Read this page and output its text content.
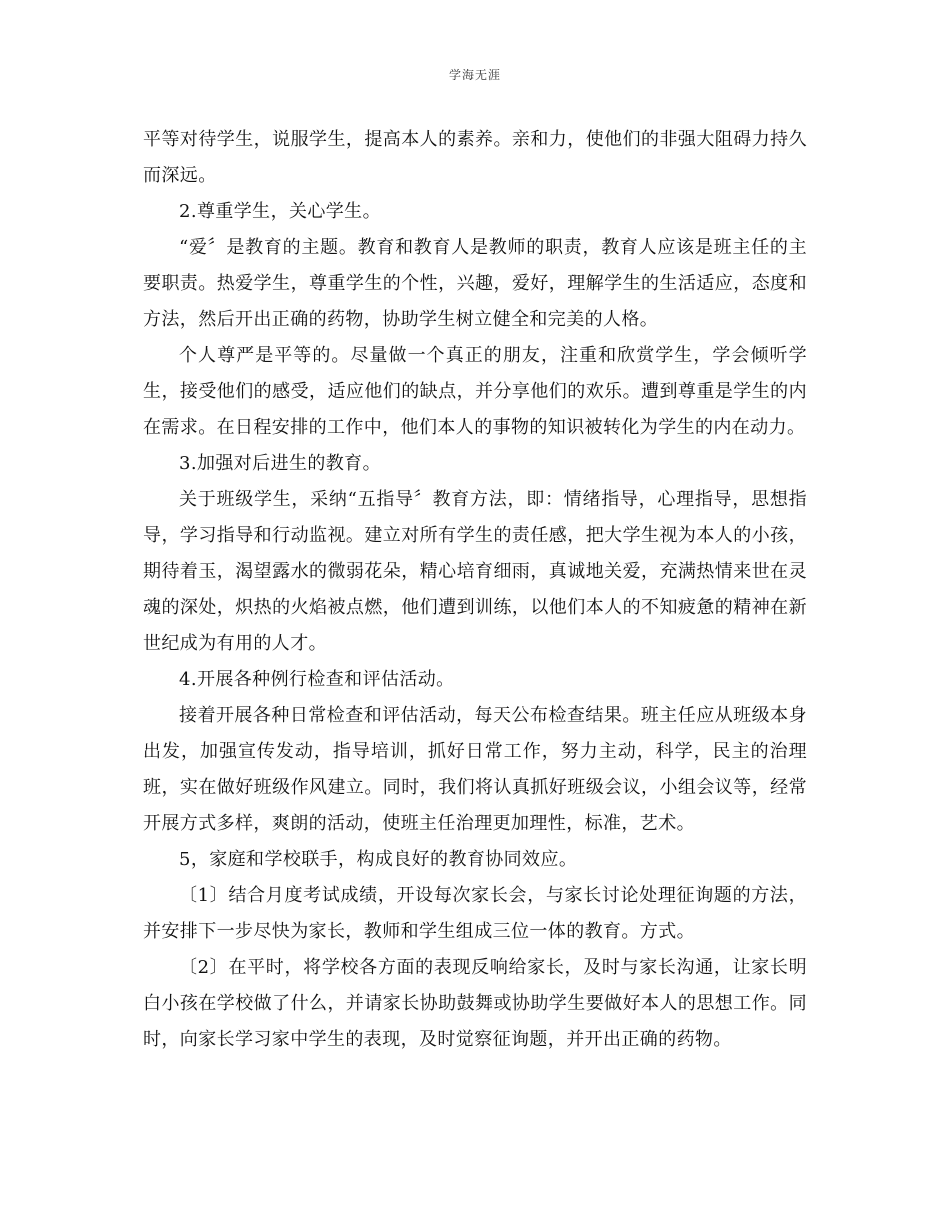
学海无涯

平等对待学生，说服学生，提高本人的素养。亲和力，使他们的非强大阻碍力持久而深远。

2.尊重学生，关心学生。

“爱〞是教育的主题。教育和教育人是教师的职责，教育人应该是班主任的主要职责。热爱学生，尊重学生的个性，兴趣，爱好，理解学生的生活适应，态度和方法，然后开出正确的药物，协助学生树立健全和完美的人格。

个人尊严是平等的。尽量做一个真正的朋友，注重和欣赏学生，学会倾听学生，接受他们的感受，适应他们的缺点，并分享他们的欢乐。遭到尊重是学生的内在需求。在日程安排的工作中，他们本人的事物的知识被转化为学生的内在动力。

3.加强对后进生的教育。

关于班级学生，采纳“五指导〞教育方法，即：情绪指导，心理指导，思想指导，学习指导和行动监视。建立对所有学生的责任感，把大学生视为本人的小孩，期待着玉，渴望露水的微弱花朵，精心培育细雨，真诚地关爱，充满热情来世在灵魂的深处，炽热的火焰被点燃，他们遭到训练，以他们本人的不知疲惫的精神在新世纪成为有用的人才。

4.开展各种例行检查和评估活动。

接着开展各种日常检查和评估活动，每天公布检查结果。班主任应从班级本身出发，加强宣传发动，指导培训，抓好日常工作，努力主动，科学，民主的治理班，实在做好班级作风建立。同时，我们将认真抓好班级会议，小组会议等，经常开展方式多样，爽朗的活动，使班主任治理更加理性，标准，艺术。

5，家庭和学校联手，构成良好的教育协同效应。

〔1〕结合月度考试成绩，开设每次家长会，与家长讨论处理征询题的方法，并安排下一步尽快为家长，教师和学生组成三位一体的教育。方式。

〔2〕在平时，将学校各方面的表现反响给家长，及时与家长沟通，让家长明白小孩在学校做了什么，并请家长协助鼓舞或协助学生要做好本人的思想工作。同时，向家长学习家中学生的表现，及时觉察征询题，并开出正确的药物。
